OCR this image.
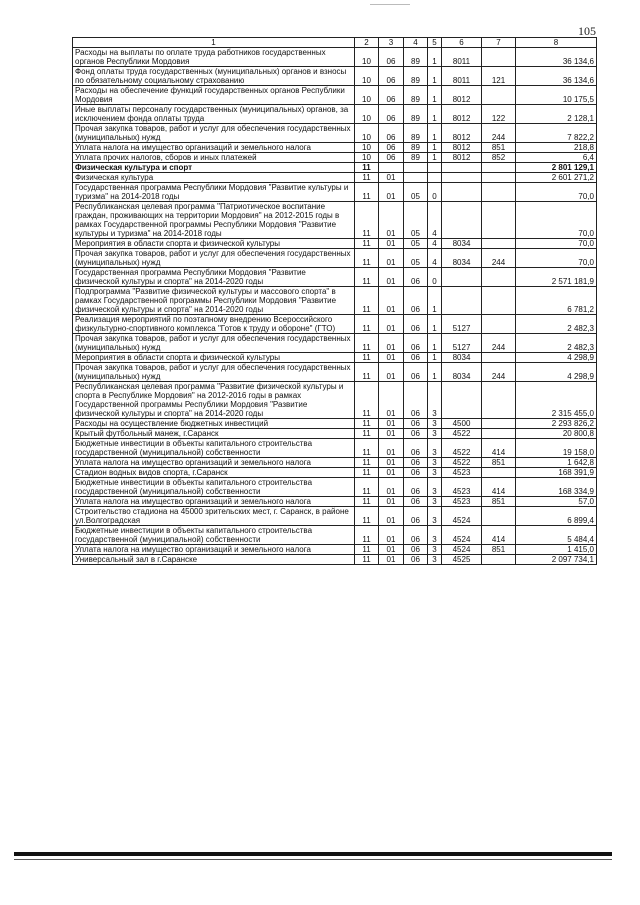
105
1	2	3	4	5	6	7	8
Расходы на выплаты по оплате труда работников государственных органов Республики Мордовия	10	06	89	1	8011		36 134,6
Фонд оплаты труда государственных (муниципальных) органов и взносы по обязательному социальному страхованию	10	06	89	1	8011	121	36 134,6
Расходы на обеспечение функций государственных органов Республики Мордовия	10	06	89	1	8012		10 175,5
Иные выплаты персоналу государственных (муниципальных) органов, за исключением фонда оплаты труда	10	06	89	1	8012	122	2 128,1
Прочая закупка товаров, работ и услуг для обеспечения государственных (муниципальных) нужд	10	06	89	1	8012	244	7 822,2
Уплата налога на имущество организаций и земельного налога	10	06	89	1	8012	851	218,8
Уплата прочих налогов, сборов и иных платежей	10	06	89	1	8012	852	6,4
Физическая культура и спорт	11						2 801 129,1
Физическая культура	11	01					2 601 271,2
Государственная программа Республики Мордовия "Развитие культуры и туризма" на 2014-2018 годы	11	01	05	0			70,0
Республиканская целевая программа "Патриотическое воспитание граждан, проживающих на территории Мордовия" на 2012-2015 годы в рамках Государственной программы Республики Мордовия "Развитие культуры и туризма" на 2014-2018 годы	11	01	05	4			70,0
Мероприятия в области спорта и физической культуры	11	01	05	4	8034		70,0
Прочая закупка товаров, работ и услуг для обеспечения государственных (муниципальных) нужд	11	01	05	4	8034	244	70,0
Государственная программа Республики Мордовия "Развитие физической культуры и спорта" на 2014-2020 годы	11	01	06	0			2 571 181,9
Подпрограмма "Развитие физической культуры и массового спорта" в рамках Государственной программы Республики Мордовия "Развитие физической культуры и спорта" на 2014-2020 годы	11	01	06	1			6 781,2
Реализация мероприятий по поэтапному внедрению Всероссийского физкультурно-спортивного комплекса "Готов к труду и обороне" (ГТО)	11	01	06	1	5127		2 482,3
Прочая закупка товаров, работ и услуг для обеспечения государственных (муниципальных) нужд	11	01	06	1	5127	244	2 482,3
Мероприятия в области спорта и физической культуры	11	01	06	1	8034		4 298,9
Прочая закупка товаров, работ и услуг для обеспечения государственных (муниципальных) нужд	11	01	06	1	8034	244	4 298,9
Республиканская целевая программа "Развитие физической культуры и спорта в Республике Мордовия" на 2012-2016 годы в рамках Государственной программы Республики Мордовия "Развитие физической культуры и спорта" на 2014-2020 годы	11	01	06	3			2 315 455,0
Расходы на осуществление бюджетных инвестиций	11	01	06	3	4500		2 293 826,2
Крытый футбольный манеж, г.Саранск	11	01	06	3	4522		20 800,8
Бюджетные инвестиции в объекты капитального строительства государственной (муниципальной) собственности	11	01	06	3	4522	414	19 158,0
Уплата налога на имущество организаций и земельного налога	11	01	06	3	4522	851	1 642,8
Стадион водных видов спорта, г.Саранск	11	01	06	3	4523		168 391,9
Бюджетные инвестиции в объекты капитального строительства государственной (муниципальной) собственности	11	01	06	3	4523	414	168 334,9
Уплата налога на имущество организаций и земельного налога	11	01	06	3	4523	851	57,0
Строительство стадиона на 45000 зрительских мест, г. Саранск, в районе ул.Волгоградская	11	01	06	3	4524		6 899,4
Бюджетные инвестиции в объекты капитального строительства государственной (муниципальной) собственности	11	01	06	3	4524	414	5 484,4
Уплата налога на имущество организаций и земельного налога	11	01	06	3	4524	851	1 415,0
Универсальный зал в г.Саранске	11	01	06	3	4525		2 097 734,1
